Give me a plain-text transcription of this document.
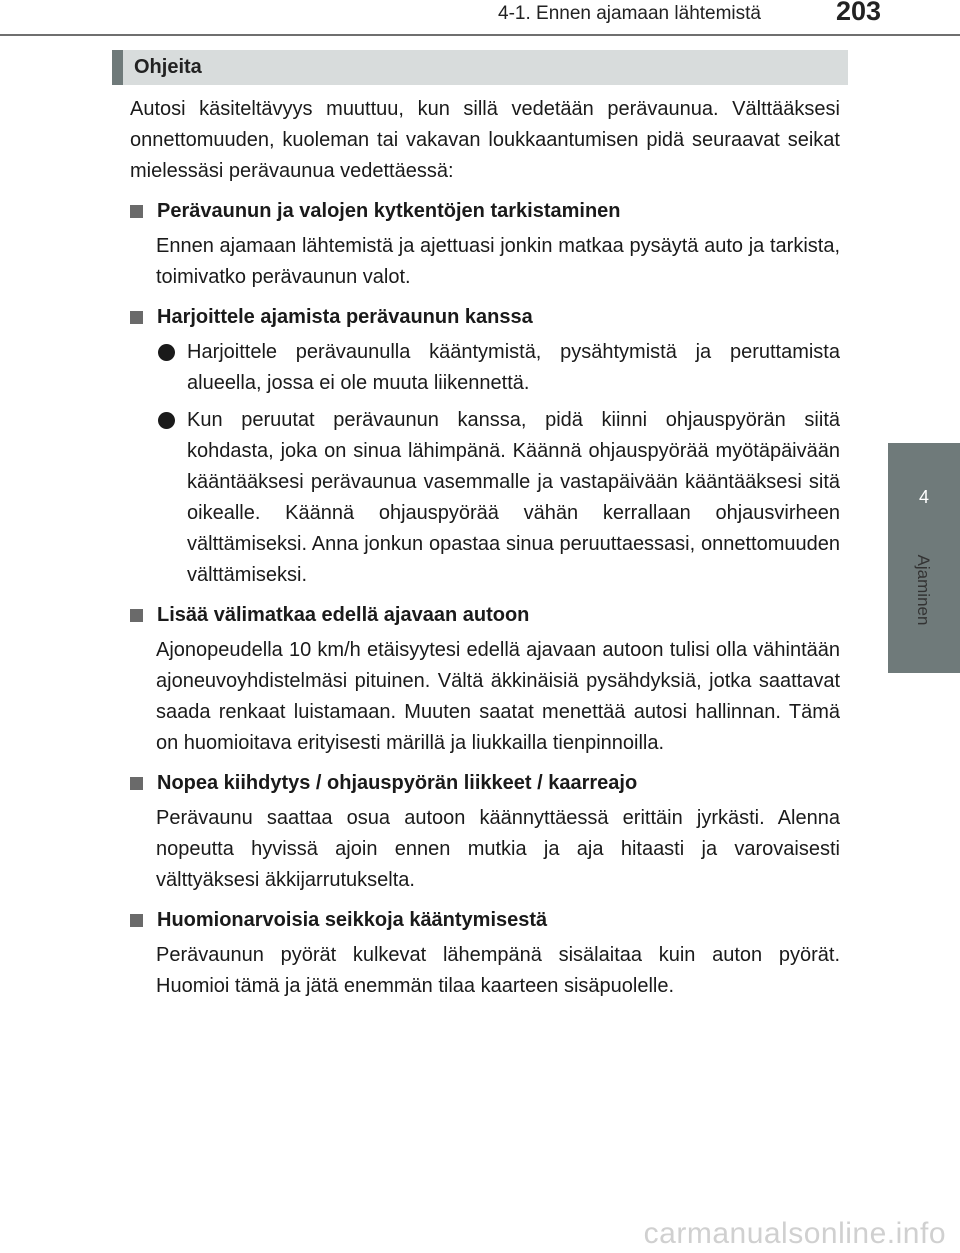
4-1. Ennen ajamaan lähtemistä	203
4
Ajaminen
Ohjeita

Autosi käsiteltävyys muuttuu, kun sillä vedetään perävaunua. Välttääksesi onnettomuuden, kuoleman tai vakavan loukkaantumisen pidä seuraavat seikat mielessäsi perävaunua vedettäessä:

Perävaunun ja valojen kytkentöjen tarkistaminen
Ennen ajamaan lähtemistä ja ajettuasi jonkin matkaa pysäytä auto ja tarkista, toimivatko perävaunun valot.
Harjoittele ajamista perävaunun kanssa
Harjoittele perävaunulla kääntymistä, pysähtymistä ja peruttamista alueella, jossa ei ole muuta liikennettä.
Kun peruutat perävaunun kanssa, pidä kiinni ohjauspyörän siitä kohdasta, joka on sinua lähimpänä. Käännä ohjauspyörää myötäpäivään kääntääksesi perävaunua vasemmalle ja vastapäivään kääntääksesi sitä oikealle. Käännä ohjauspyörää vähän kerrallaan ohjausvirheen välttämiseksi. Anna jonkun opastaa sinua peruuttaessasi, onnettomuuden välttämiseksi.
Lisää välimatkaa edellä ajavaan autoon
Ajonopeudella 10 km/h etäisyytesi edellä ajavaan autoon tulisi olla vähintään ajoneuvoyhdistelmäsi pituinen. Vältä äkkinäisiä pysähdyksiä, jotka saattavat saada renkaat luistamaan. Muuten saatat menettää autosi hallinnan. Tämä on huomioitava erityisesti märillä ja liukkailla tienpinnoilla.
Nopea kiihdytys / ohjauspyörän liikkeet / kaarreajo
Perävaunu saattaa osua autoon käännyttäessä erittäin jyrkästi. Alenna nopeutta hyvissä ajoin ennen mutkia ja aja hitaasti ja varovaisesti välttyäksesi äkkijarrutukselta.
Huomionarvoisia seikkoja kääntymisestä
Perävaunun pyörät kulkevat lähempänä sisälaitaa kuin auton pyörät. Huomioi tämä ja jätä enemmän tilaa kaarteen sisäpuolelle.
carmanualsonline.info
